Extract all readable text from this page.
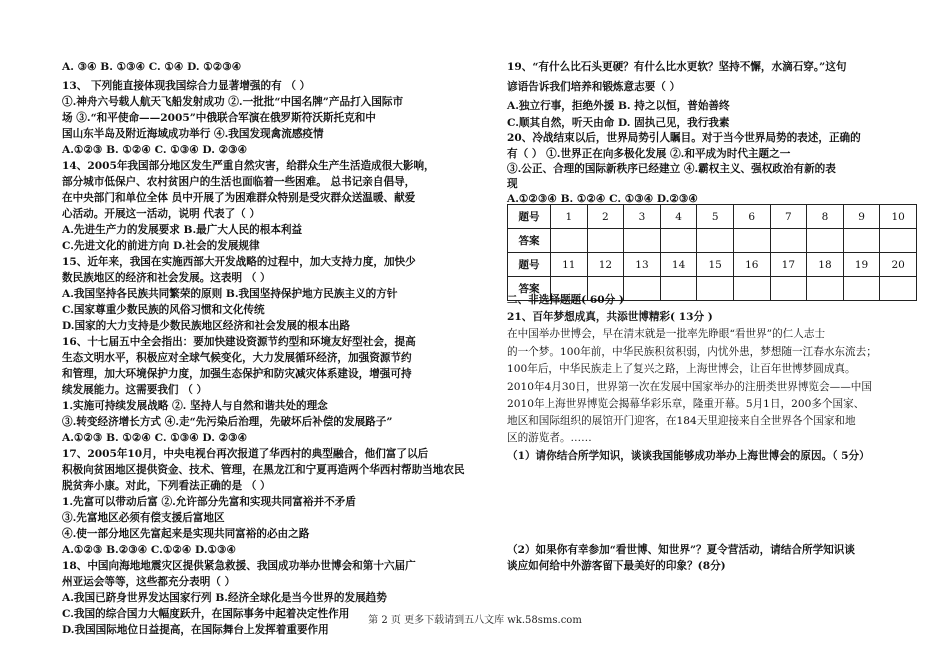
A. ③④ B. ①③④ C. ①④ D. ①②③④
13、 下列能直接体现我国综合力显著增强的有 （ ）
①.神舟六号载人航天飞船发射成功 ②.一批批“中国名牌”产品打入国际市
场 ③.“和平使命——2005”中俄联合军演在俄罗斯符沃斯托克和中
国山东半岛及附近海域成功举行 ④.我国发现禽流感疫情
A.①②③ B. ①②④ C. ①③④ D. ②③④
14、2005年我国部分地区发生严重自然灾害，给群众生产生活造成很大影响，
部分城市低保户、农村贫困户的生活也面临着一些困难。 总书记亲自倡导，
在中央部门和单位全体 员中开展了为困难群众特别是受灾群众送温暖、献爱
心活动。开展这一活动，说明 代表了（ ）
A.先进生产力的发展要求 B.最广大人民的根本利益
C.先进文化的前进方向 D.社会的发展规律
15、近年来，我国在实施西部大开发战略的过程中，加大支持力度，加快少
数民族地区的经济和社会发展。这表明 （ ）
A.我国坚持各民族共同繁荣的原则 B.我国坚持保护地方民族主义的方针
C.国家尊重少数民族的风俗习惯和文化传统
D.国家的大力支持是少数民族地区经济和社会发展的根本出路
16、十七届五中全会指出：要加快建设资源节约型和环境友好型社会，提高
生态文明水平，积极应对全球气候变化，大力发展循环经济，加强资源节约
和管理，加大环境保护力度，加强生态保护和防灾减灾体系建设，增强可持
续发展能力。这需要我们 （ ）
1.实施可持续发展战略 ②. 坚持人与自然和谐共处的理念
③.转变经济增长方式 ④.走“先污染后治理，先破坏后补偿的发展路子”
A.①②③ B. ①②④ C. ①③④ D. ②③④
17、2005年10月，中央电视台再次报道了华西村的典型融合，他们富了以后
积极向贫困地区提供资金、技术、管理，在黑龙江和宁夏再造两个华西村帮助当地农民
脱贫奔小康。对此，下列看法正确的是 （ ）
1.先富可以带动后富 ②.允许部分先富和实现共同富裕并不矛盾
③.先富地区必须有偿支援后富地区
④.使一部分地区先富起来是实现共同富裕的必由之路
A.①②③ B.②③④ C.①②④ D.①③④
18、中国向海地地震灾区提供紧急救援、我国成功举办世博会和第十六届广
州亚运会等等，这些都充分表明（ ）
A.我国已跻身世界发达国家行列 B.经济全球化是当今世界的发展趋势
C.我国的综合国力大幅度跃升，在国际事务中起着决定性作用
D.我国国际地位日益提高，在国际舞台上发挥着重要作用
19、“有什么比石头更硬？有什么比水更软？坚持不懈，水滴石穿。”这句
谚语告诉我们培养和锻炼意志要（ ）
A.独立行事，拒绝外援 B. 持之以恒，普始善终
C.顺其自然，听天由命 D. 固执己见，我行我素
20、冷战结束以后，世界局势引人瞩目。对于当今世界局势的表述，正确的
有（ ） ①.世界正在向多极化发展 ②.和平成为时代主题之一
③.公正、合理的国际新秩序已经建立 ④.霸权主义、强权政治有新的表
现
A.①②③④ B. ①②④ C. ①③④ D.②③④
题号	1	2	3	4	5	6	7	8	9	10
答案										
题号	11	12	13	14	15	16	17	18	19	20
答案										
二、非选择题题( 60分 )
21、百年梦想成真，共添世博精彩( 13分 )
在中国举办世博会，早在清末就是一批率先睁眼“看世界”的仁人志士
的一个梦。100年前，中华民族积贫积弱，内忧外患，梦想随一江春水东流去；
100年后，中华民族走上了复兴之路，上海世博会，让百年世博梦圆成真。
2010年4月30日，世界第一次在发展中国家举办的注册类世界博览会——中国
2010年上海世界博览会揭幕华彩乐章，隆重开幕。5月1日，200多个国家、
地区和国际组织的展馆开门迎客，在184天里迎接来自全世界各个国家和地
区的游览者。……
（1）请你结合所学知识，谈谈我国能够成功举办上海世博会的原因。（ 5分）
（2）如果你有幸参加“看世博、知世界”？夏令营活动，请结合所学知识谈
谈应如何给中外游客留下最美好的印象？(8分)
第 2 页 更多下载请到五八文库 wk.58sms.com
